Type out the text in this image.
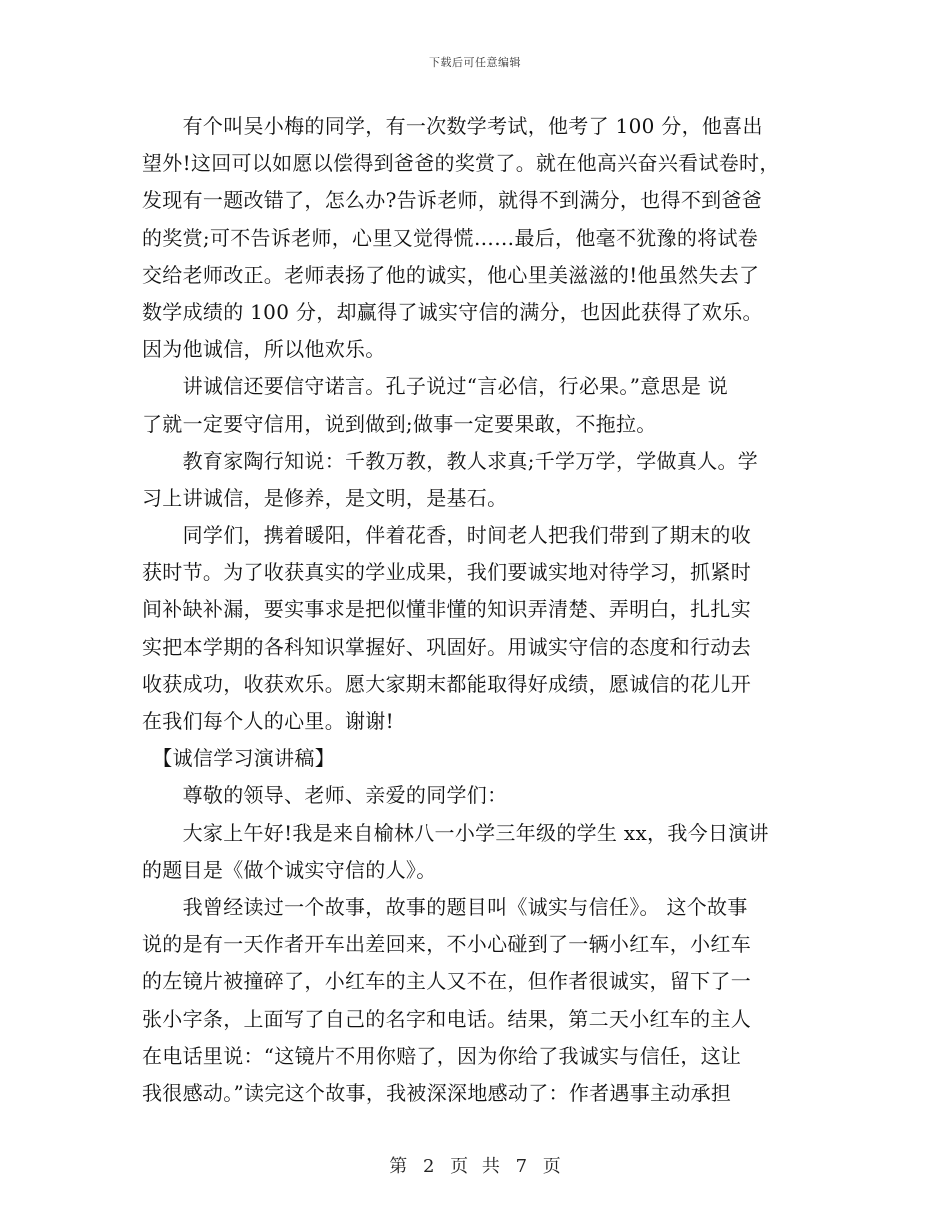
下载后可任意编辑
　　有个叫吴小梅的同学，有一次数学考试，他考了 100 分，他喜出
望外!这回可以如愿以偿得到爸爸的奖赏了。就在他高兴奋兴看试卷时，
发现有一题改错了，怎么办?告诉老师，就得不到满分，也得不到爸爸
的奖赏;可不告诉老师，心里又觉得慌……最后，他毫不犹豫的将试卷
交给老师改正。老师表扬了他的诚实，他心里美滋滋的!他虽然失去了
数学成绩的 100 分，却赢得了诚实守信的满分，也因此获得了欢乐。
因为他诚信，所以他欢乐。
　　讲诚信还要信守诺言。孔子说过“言必信，行必果。”意思是 说
了就一定要守信用，说到做到;做事一定要果敢，不拖拉。
　　教育家陶行知说：千教万教，教人求真;千学万学，学做真人。学
习上讲诚信，是修养，是文明，是基石。
　　同学们，携着暖阳，伴着花香，时间老人把我们带到了期末的收
获时节。为了收获真实的学业成果，我们要诚实地对待学习，抓紧时
间补缺补漏，要实事求是把似懂非懂的知识弄清楚、弄明白，扎扎实
实把本学期的各科知识掌握好、巩固好。用诚实守信的态度和行动去
收获成功，收获欢乐。愿大家期末都能取得好成绩，愿诚信的花儿开
在我们每个人的心里。谢谢!
　【诚信学习演讲稿】
　　尊敬的领导、老师、亲爱的同学们：
　　大家上午好!我是来自榆林八一小学三年级的学生 xx，我今日演讲
的题目是《做个诚实守信的人》。
　　我曾经读过一个故事，故事的题目叫《诚实与信任》。 这个故事
说的是有一天作者开车出差回来，不小心碰到了一辆小红车，小红车
的左镜片被撞碎了，小红车的主人又不在，但作者很诚实，留下了一
张小字条，上面写了自己的名字和电话。结果，第二天小红车的主人
在电话里说：“这镜片不用你赔了，因为你给了我诚实与信任，这让
我很感动。”读完这个故事，我被深深地感动了：作者遇事主动承担
第 2 页 共 7 页
